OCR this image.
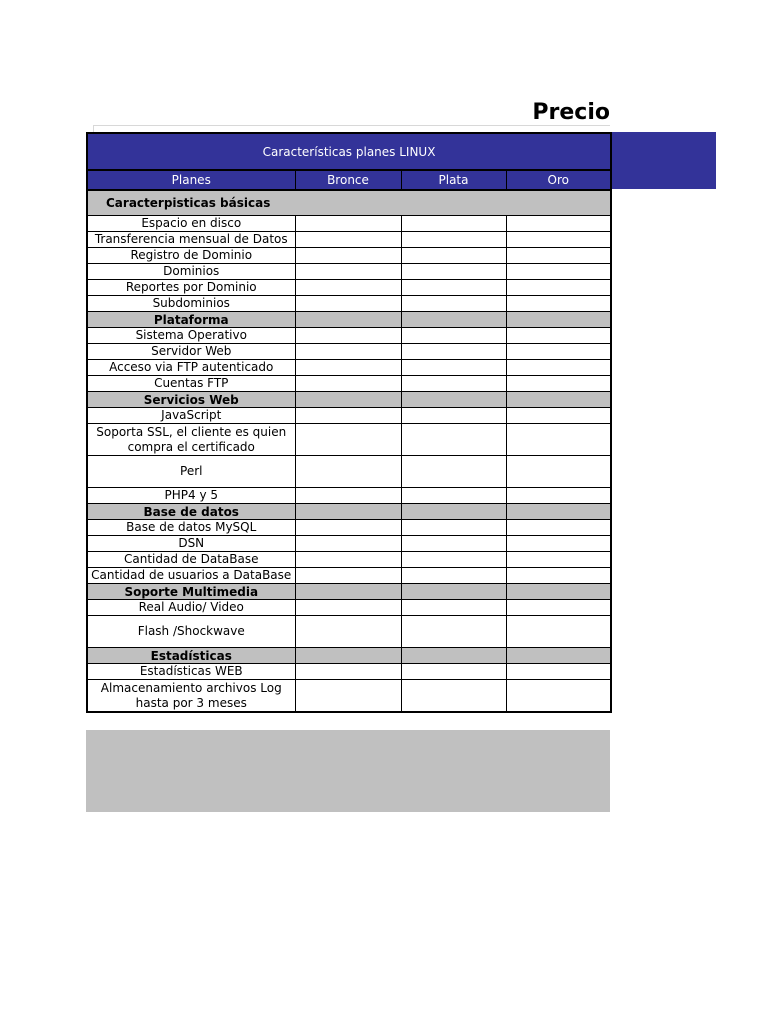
Precio
Características planes LINUX			
Planes	Bronce	Plata	Oro
Caracterpisticas básicas			
Espacio en disco			
Transferencia mensual de Datos			
Registro de Dominio			
Dominios			
Reportes por Dominio			
Subdominios			
Plataforma			
Sistema Operativo			
Servidor Web			
Acceso via FTP autenticado			
Cuentas FTP			
Servicios Web			
JavaScript			
Soporta SSL, el cliente es quien compra el certificado			
Perl			
PHP4 y 5			
Base de datos			
Base de datos MySQL			
DSN			
Cantidad de DataBase			
Cantidad de usuarios a DataBase			
Soporte Multimedia			
Real Audio/ Video			
Flash /Shockwave			
Estadísticas			
Estadísticas WEB			
Almacenamiento archivos Log hasta por 3 meses			
